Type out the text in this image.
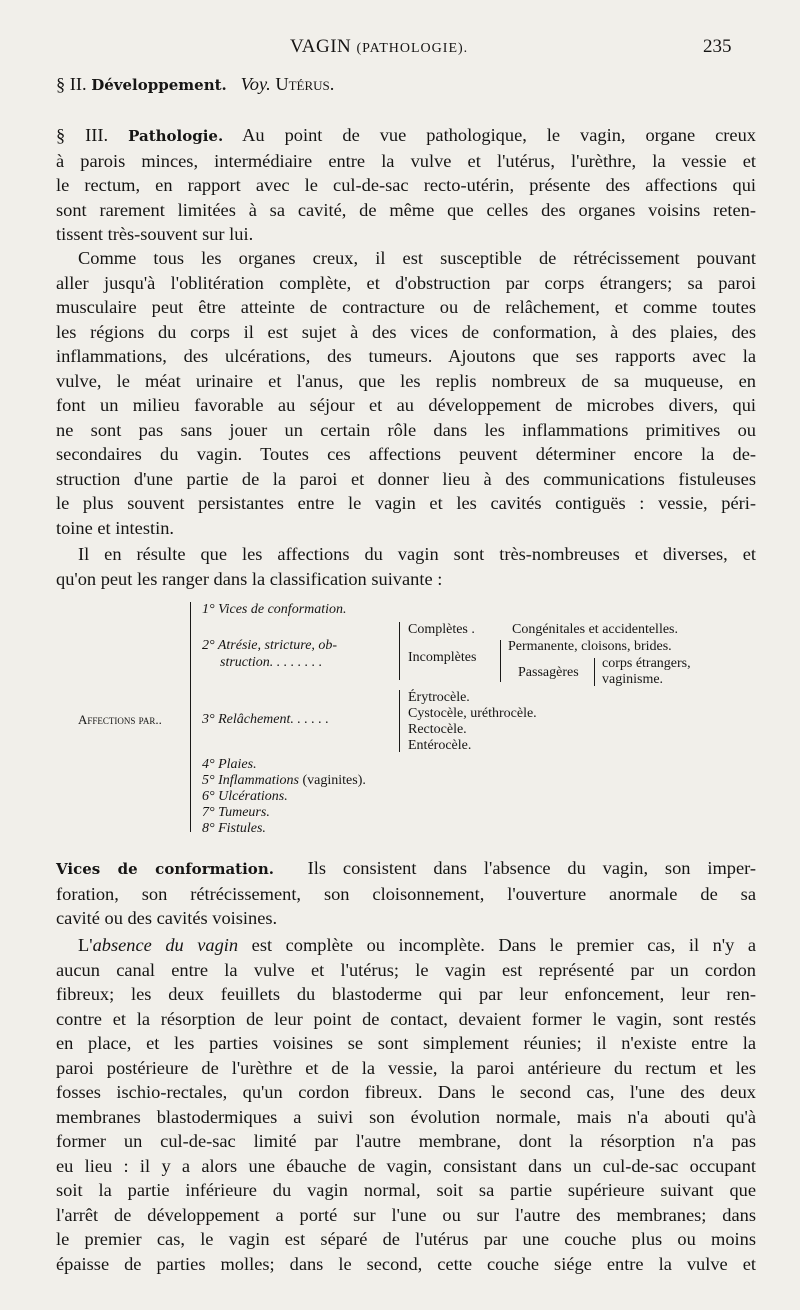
VAGIN (PATHOLOGIE).	235
§ II. Développement. Voy. Utérus.
§ III. Pathologie. Au point de vue pathologique, le vagin, organe creux
à parois minces, intermédiaire entre la vulve et l'utérus, l'urèthre, la vessie et
le rectum, en rapport avec le cul-de-sac recto-utérin, présente des affections qui
sont rarement limitées à sa cavité, de même que celles des organes voisins reten-
tissent très-souvent sur lui.
Comme tous les organes creux, il est susceptible de rétrécissement pouvant
aller jusqu'à l'oblitération complète, et d'obstruction par corps étrangers; sa paroi
musculaire peut être atteinte de contracture ou de relâchement, et comme toutes
les régions du corps il est sujet à des vices de conformation, à des plaies, des
inflammations, des ulcérations, des tumeurs. Ajoutons que ses rapports avec la
vulve, le méat urinaire et l'anus, que les replis nombreux de sa muqueuse, en
font un milieu favorable au séjour et au développement de microbes divers, qui
ne sont pas sans jouer un certain rôle dans les inflammations primitives ou
secondaires du vagin. Toutes ces affections peuvent déterminer encore la de-
struction d'une partie de la paroi et donner lieu à des communications fistuleuses
le plus souvent persistantes entre le vagin et les cavités contiguës : vessie, péri-
toine et intestin.
Il en résulte que les affections du vagin sont très-nombreuses et diverses, et
qu'on peut les ranger dans la classification suivante :
Affections par..
1° Vices de conformation.
2° Atrésie, stricture, ob-
struction. . . . . . . .
Complètes .	Congénitales et accidentelles.
Incomplètes
Permanente, cloisons, brides.
Passagères
corps étrangers,
vaginisme.
3° Relâchement. . . . . .
Érytrocèle.
Cystocèle, uréthrocèle.
Rectocèle.
Entérocèle.
4° Plaies.
5° Inflammations (vaginites).
6° Ulcérations.
7° Tumeurs.
8° Fistules.
Vices de conformation. Ils consistent dans l'absence du vagin, son imper-
foration, son rétrécissement, son cloisonnement, l'ouverture anormale de sa
cavité ou des cavités voisines.
L'absence du vagin est complète ou incomplète. Dans le premier cas, il n'y a
aucun canal entre la vulve et l'utérus; le vagin est représenté par un cordon
fibreux; les deux feuillets du blastoderme qui par leur enfoncement, leur ren-
contre et la résorption de leur point de contact, devaient former le vagin, sont restés
en place, et les parties voisines se sont simplement réunies; il n'existe entre la
paroi postérieure de l'urèthre et de la vessie, la paroi antérieure du rectum et les
fosses ischio-rectales, qu'un cordon fibreux. Dans le second cas, l'une des deux
membranes blastodermiques a suivi son évolution normale, mais n'a abouti qu'à
former un cul-de-sac limité par l'autre membrane, dont la résorption n'a pas
eu lieu : il y a alors une ébauche de vagin, consistant dans un cul-de-sac occupant
soit la partie inférieure du vagin normal, soit sa partie supérieure suivant que
l'arrêt de développement a porté sur l'une ou sur l'autre des membranes; dans
le premier cas, le vagin est séparé de l'utérus par une couche plus ou moins
épaisse de parties molles; dans le second, cette couche siége entre la vulve et
